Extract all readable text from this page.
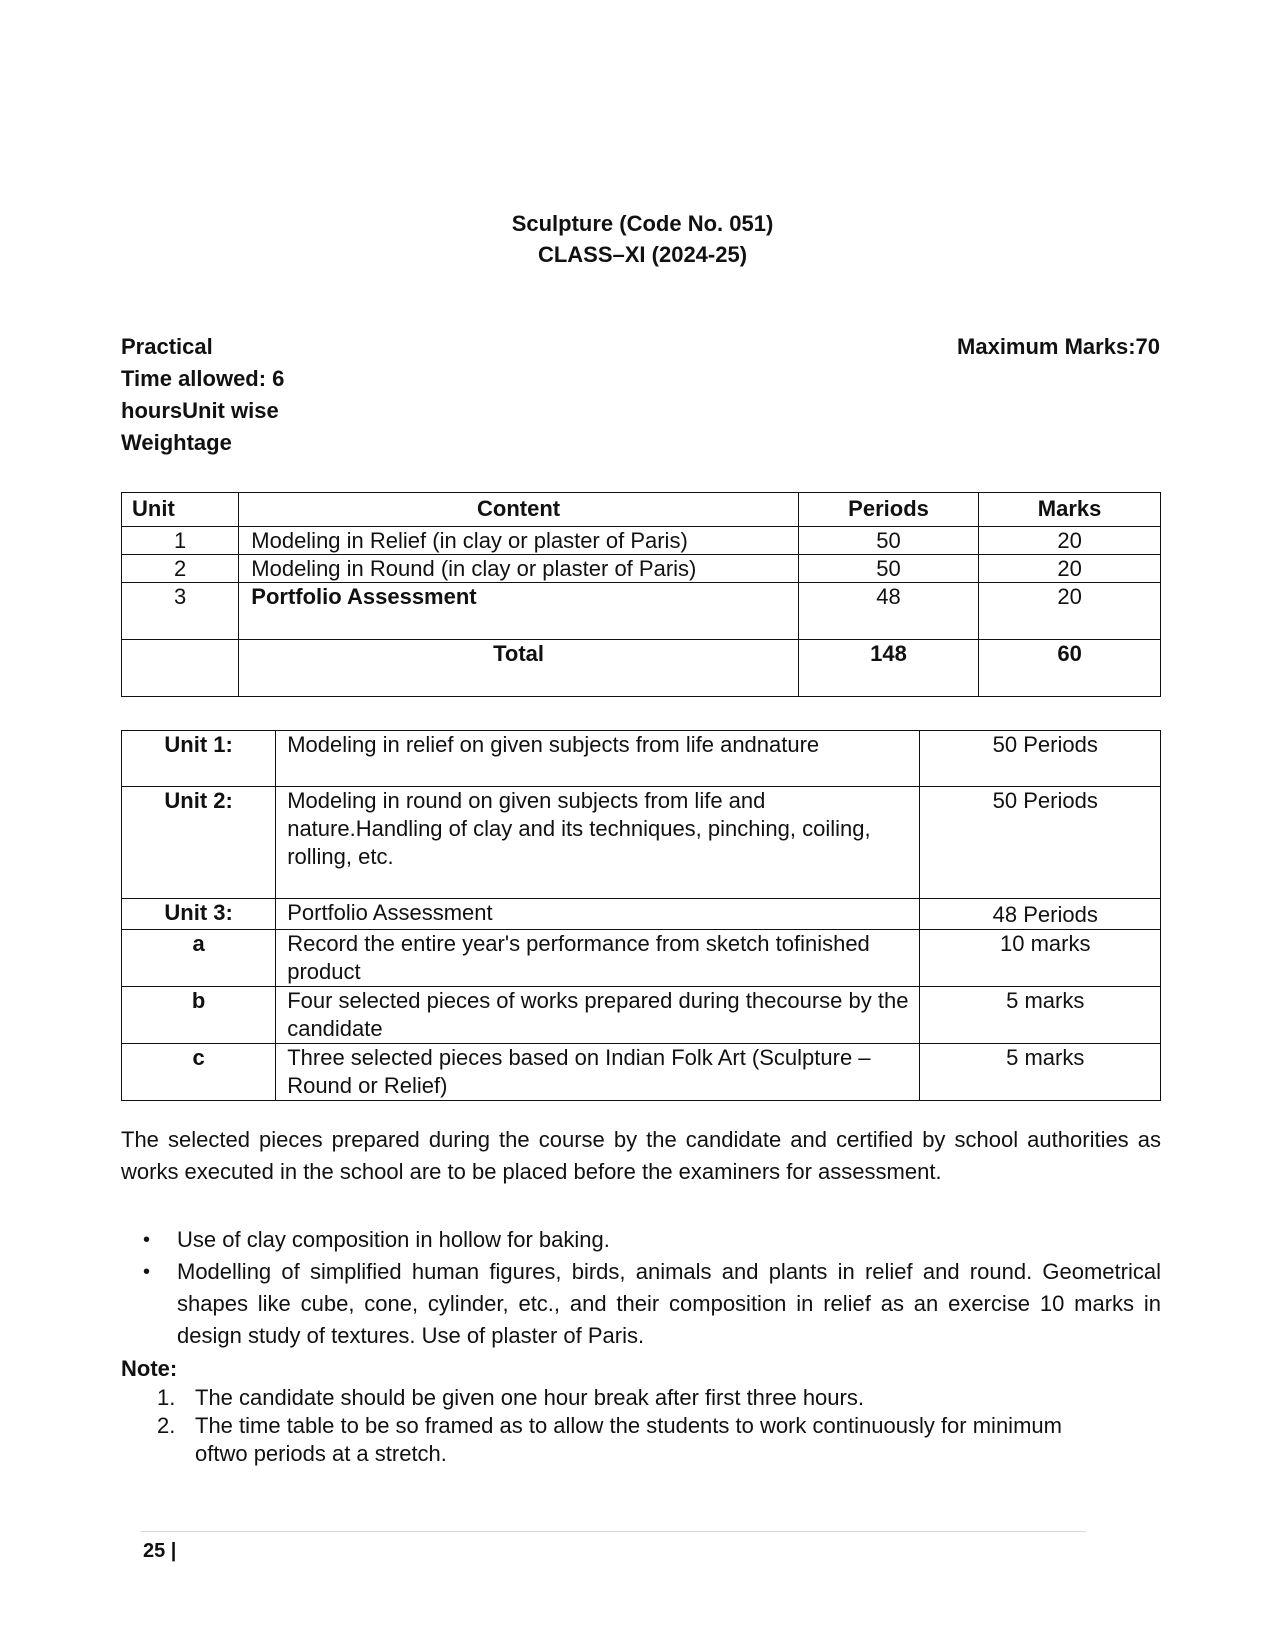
Sculpture (Code No. 051)
CLASS–XI (2024-25)
Practical
Time allowed: 6
hoursUnit wise
Weightage
Maximum Marks:70
Unit	Content	Periods	Marks
1	Modeling in Relief (in clay or plaster of Paris)	50	20
2	Modeling in Round (in clay or plaster of Paris)	50	20
3	Portfolio Assessment	48	20
	Total	148	60
Unit 1:	Modeling in relief on given subjects from life andnature	50 Periods
Unit 2:	Modeling in round on given subjects from life and nature.Handling of clay and its techniques, pinching, coiling, rolling, etc.	50 Periods
Unit 3:	Portfolio Assessment	48 Periods
a	Record the entire year's performance from sketch tofinished product	10 marks
b	Four selected pieces of works prepared during thecourse by the candidate	5 marks
c	Three selected pieces based on Indian Folk Art (Sculpture –Round or Relief)	5 marks
The selected pieces prepared during the course by the candidate and certified by school authorities as works executed in the school are to be placed before the examiners for assessment.
• Use of clay composition in hollow for baking.
• Modelling of simplified human figures, birds, animals and plants in relief and round. Geometrical shapes like cube, cone, cylinder, etc., and their composition in relief as an exercise 10 marks in design study of textures. Use of plaster of Paris.
Note:
1. The candidate should be given one hour break after first three hours.
2. The time table to be so framed as to allow the students to work continuously for minimum oftwo periods at a stretch.
25 |
